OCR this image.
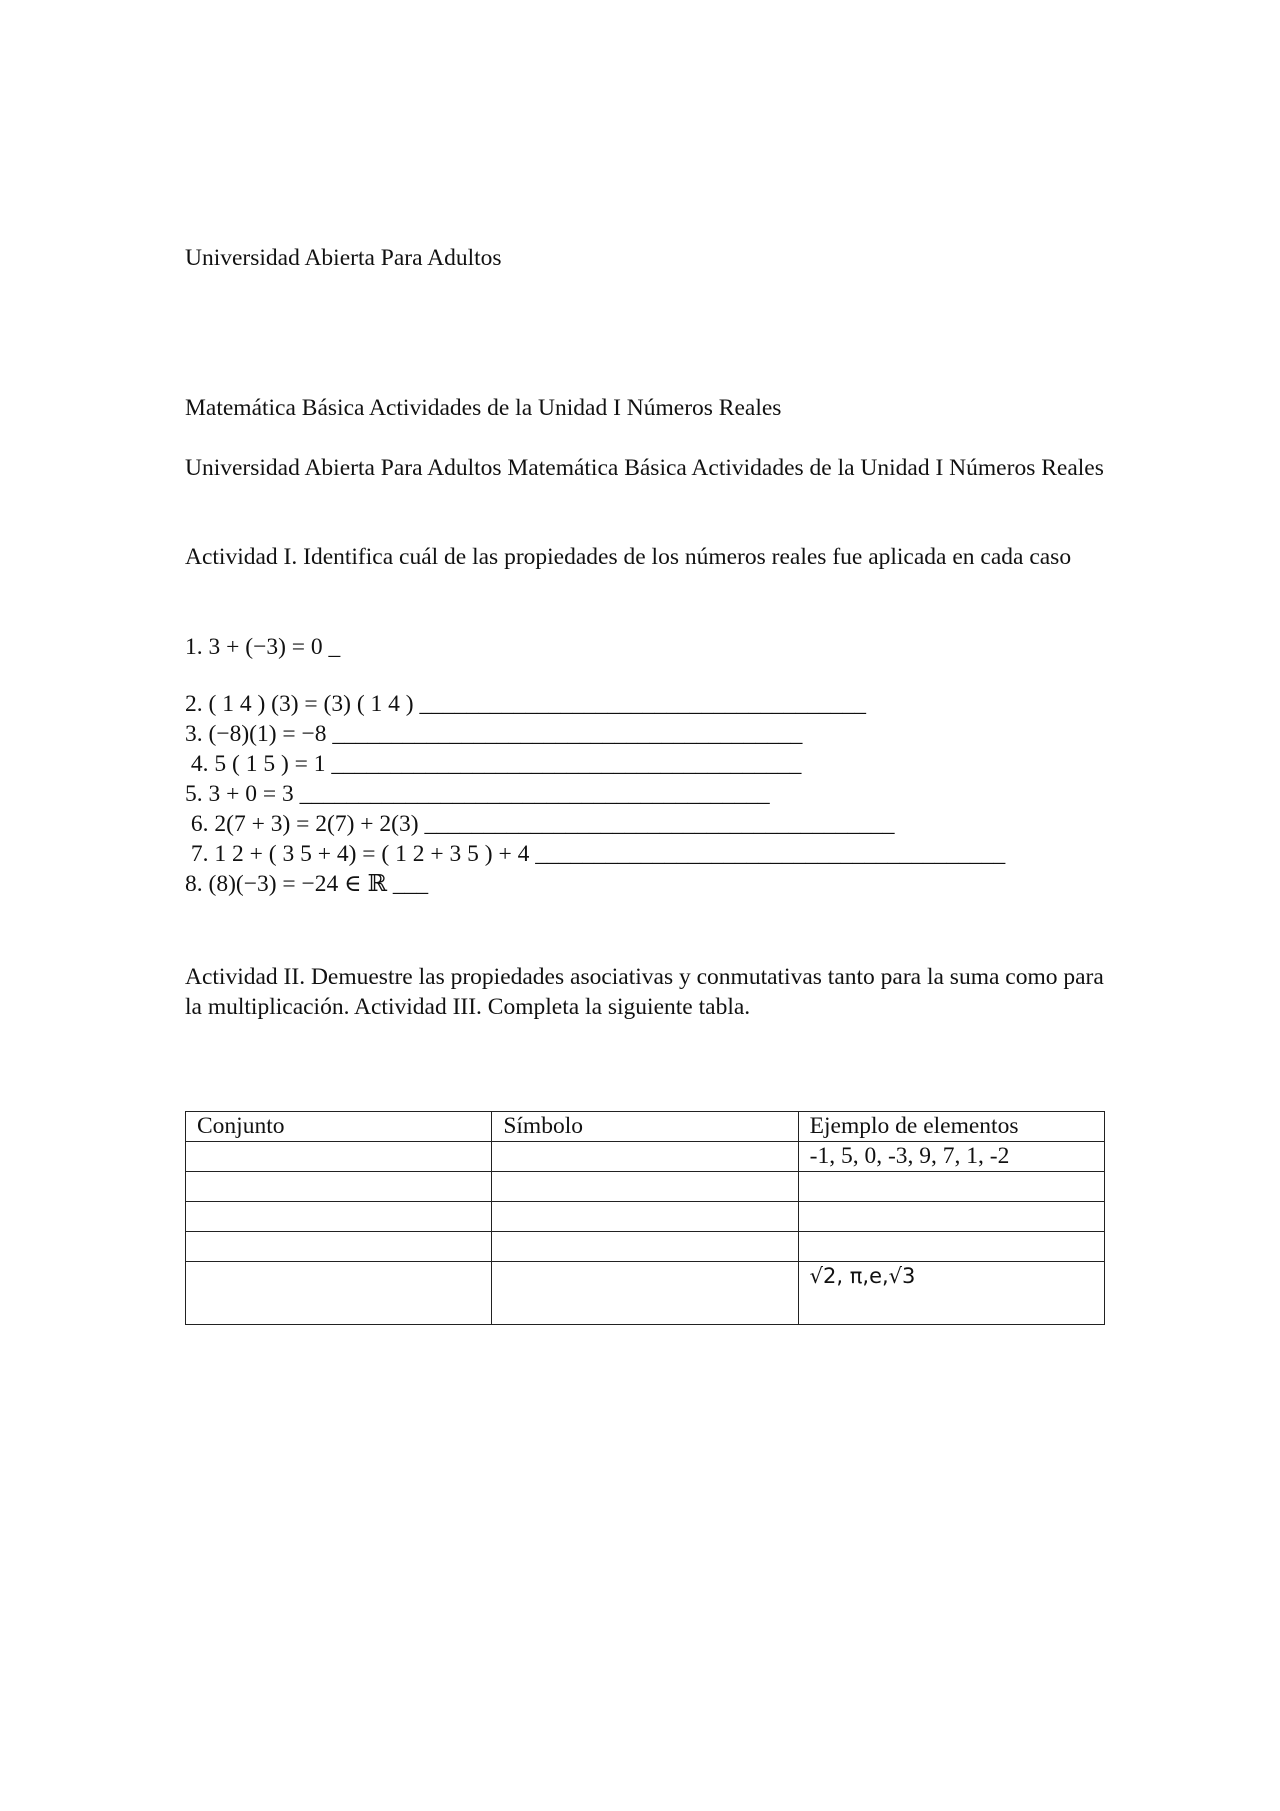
Universidad Abierta Para Adultos
Matemática Básica Actividades de la Unidad I Números Reales
Universidad Abierta Para Adultos Matemática Básica Actividades de la Unidad I Números Reales
Actividad I. Identifica cuál de las propiedades de los números reales fue aplicada en cada caso
1. 3 + (−3) = 0 _
2. ( 1 4 ) (3) = (3) ( 1 4 ) ______________________________________
3. (−8)(1) = −8 ________________________________________
4. 5 ( 1 5 ) = 1 ________________________________________
5. 3 + 0 = 3 ________________________________________
6. 2(7 + 3) = 2(7) + 2(3) ________________________________________
7. 1 2 + ( 3 5 + 4) = ( 1 2 + 3 5 ) + 4 ________________________________________
8. (8)(−3) = −24 ∈ ℝ ___
Actividad II. Demuestre las propiedades asociativas y conmutativas tanto para la suma como para la multiplicación. Actividad III. Completa la siguiente tabla.
Conjunto	Símbolo	Ejemplo de elementos
		-1, 5, 0, -3, 9, 7, 1, -2

		√2, π,e,√3
